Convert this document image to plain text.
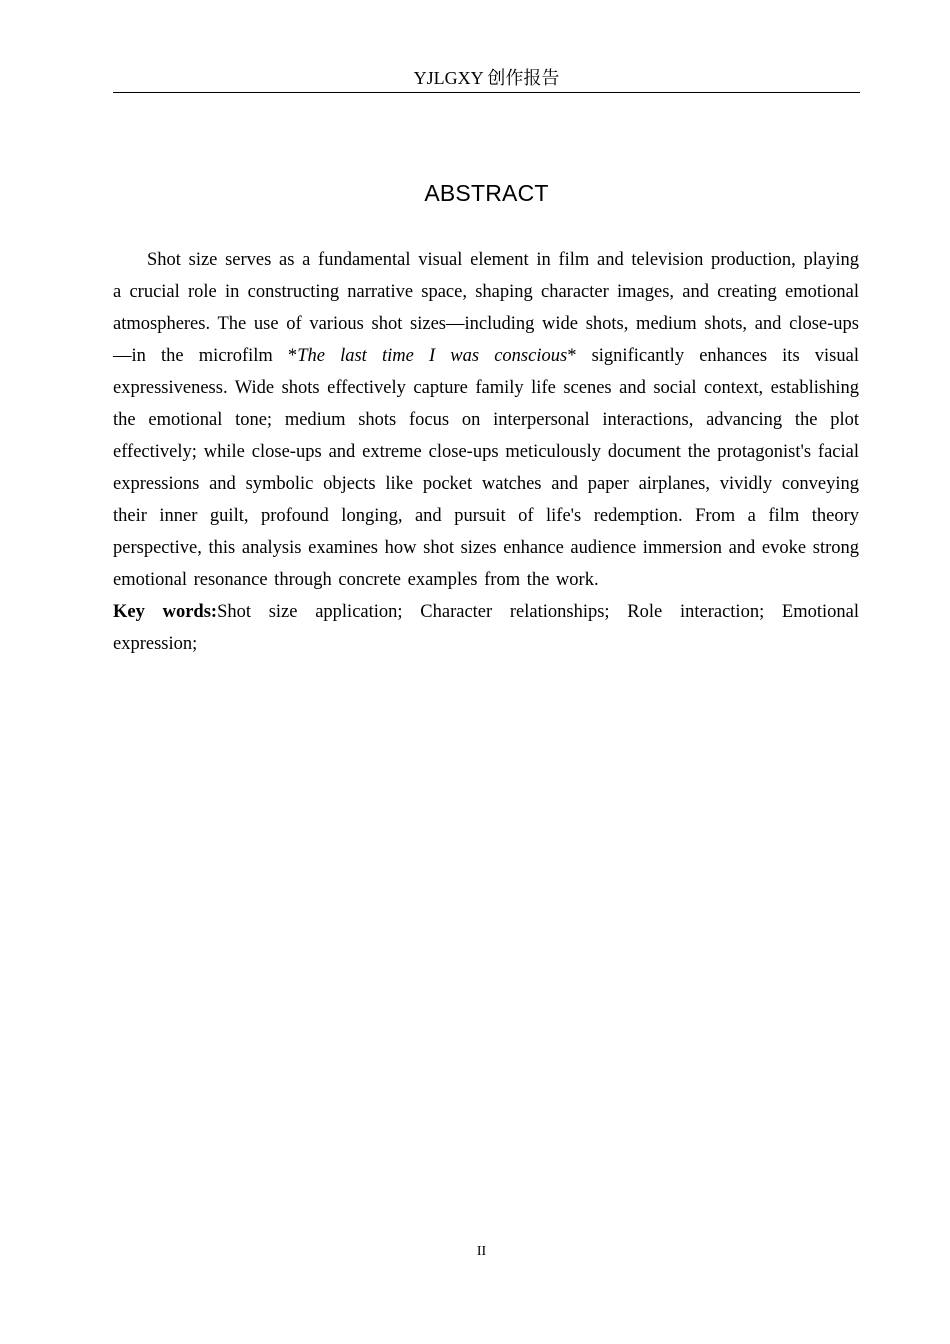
YJLGXY 创作报告
ABSTRACT

Shot size serves as a fundamental visual element in film and television production, playing a crucial role in constructing narrative space, shaping character images, and creating emotional atmospheres. The use of various shot sizes—including wide shots, medium shots, and close-ups—in the microfilm *The last time I was conscious* significantly enhances its visual expressiveness. Wide shots effectively capture family life scenes and social context, establishing the emotional tone; medium shots focus on interpersonal interactions, advancing the plot effectively; while close-ups and extreme close-ups meticulously document the protagonist's facial expressions and symbolic objects like pocket watches and paper airplanes, vividly conveying their inner guilt, profound longing, and pursuit of life's redemption. From a film theory perspective, this analysis examines how shot sizes enhance audience immersion and evoke strong emotional resonance through concrete examples from the work.

Key words:Shot size application; Character relationships; Role interaction; Emotional expression;

II
